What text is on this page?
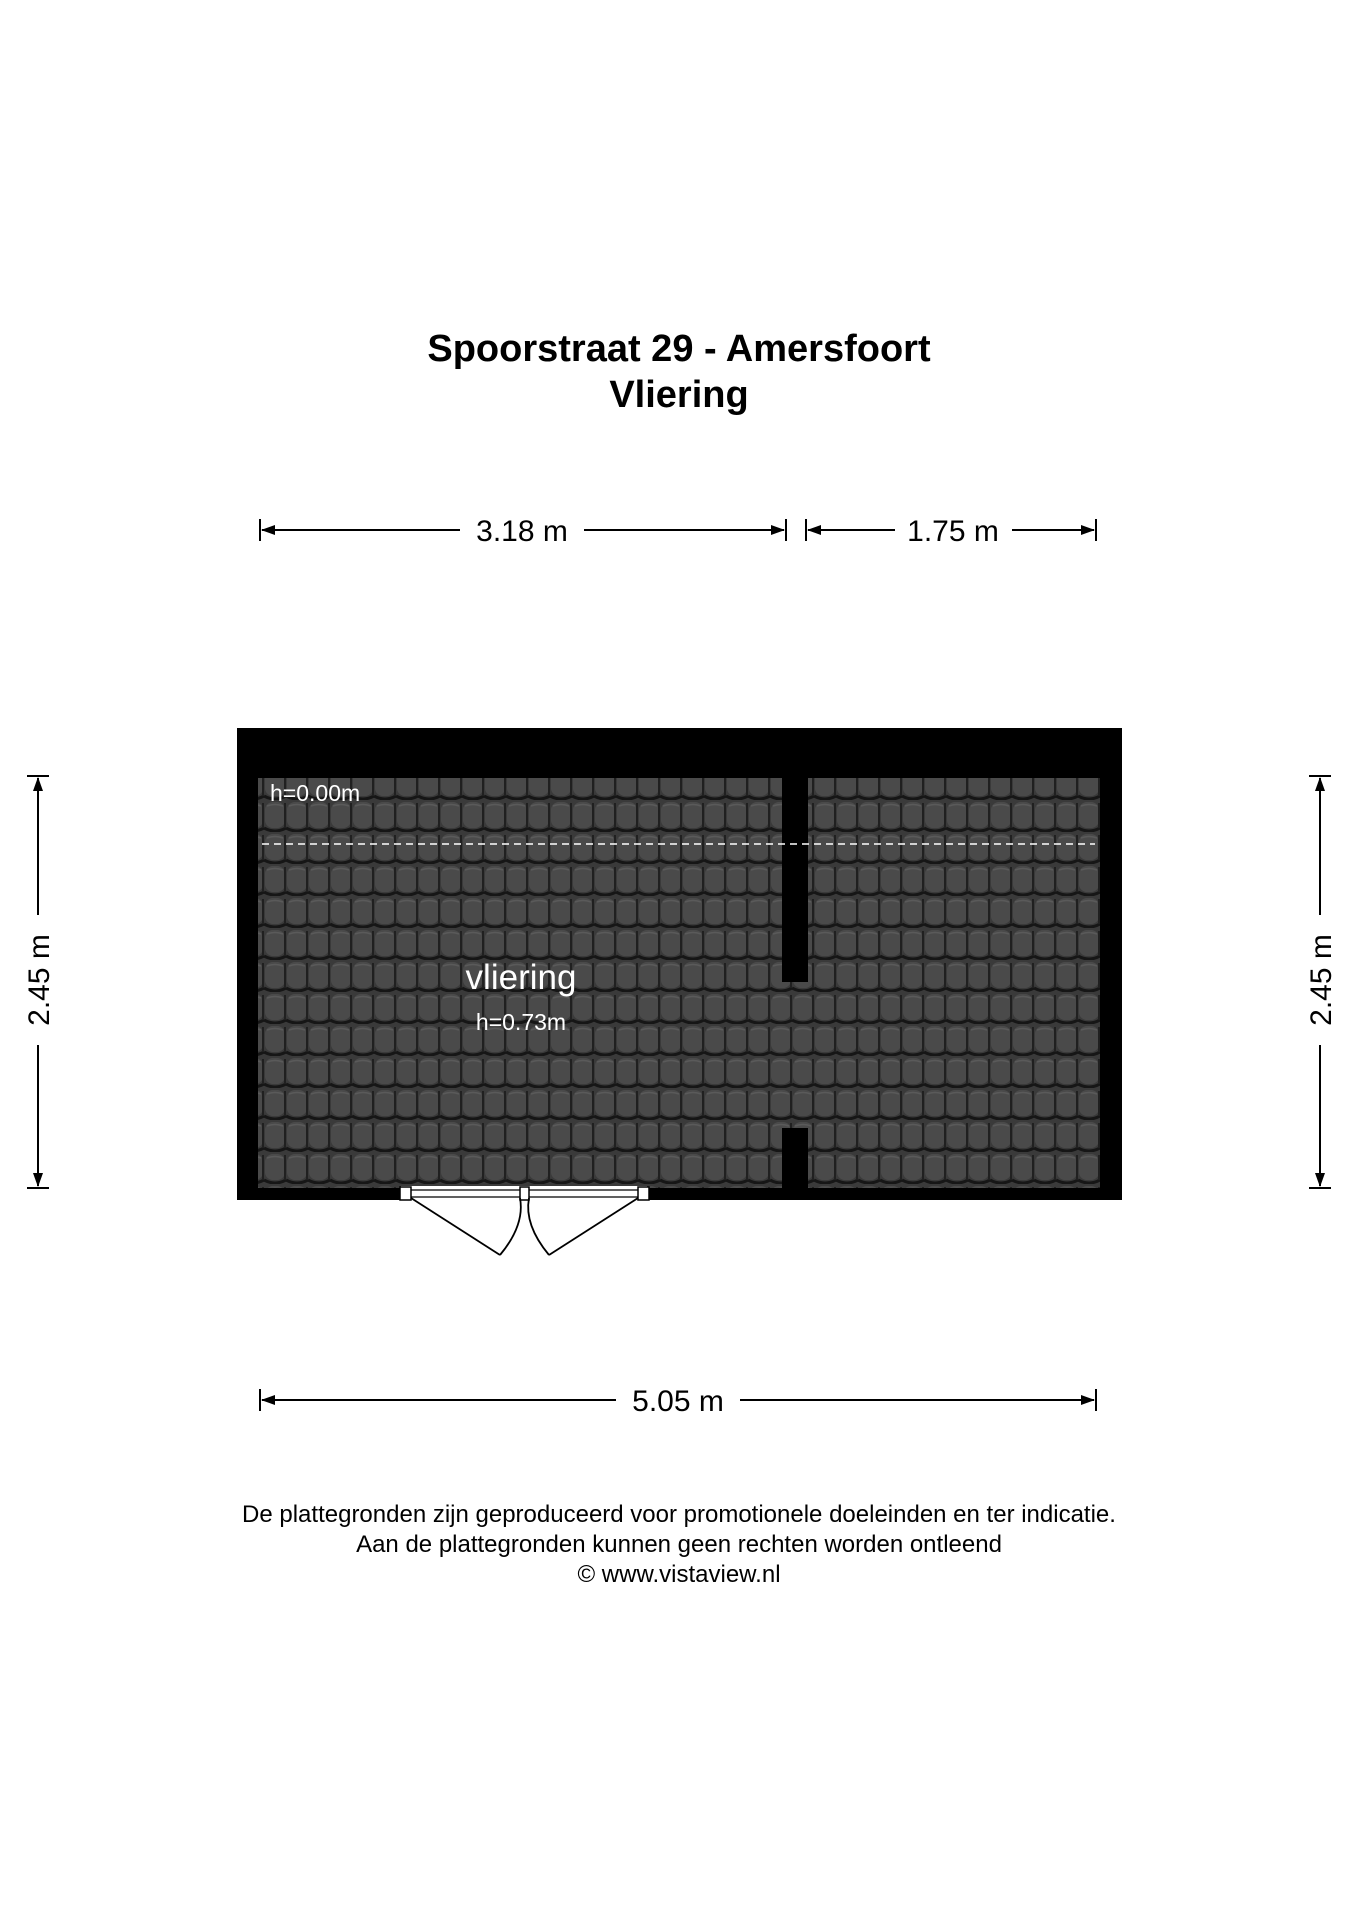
Spoorstraat 29 - Amersfoort
Vliering
h=0.00m
vliering
h=0.73m
3.18 m	1.75 m
5.05 m
2.45 m	2.45 m
De plattegronden zijn geproduceerd voor promotionele doeleinden en ter indicatie.
Aan de plattegronden kunnen geen rechten worden ontleend
© www.vistaview.nl
